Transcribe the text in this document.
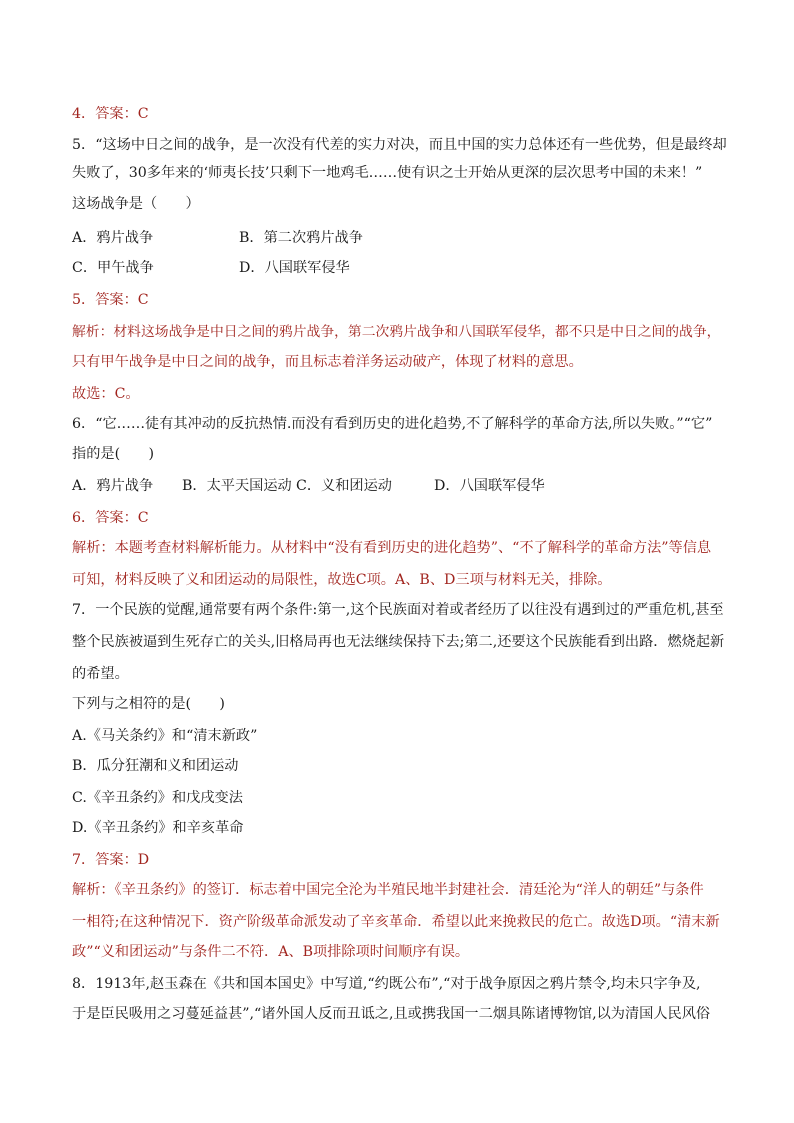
4．答案：C
5．“这场中日之间的战争，是一次没有代差的实力对决，而且中国的实力总体还有一些优势，但是最终却
失败了，30多年来的‘师夷长技’只剩下一地鸡毛……使有识之士开始从更深的层次思考中国的未来！”
这场战争是（　　）
A．鸦片战争	B．第二次鸦片战争
C．甲午战争	D．八国联军侵华
5．答案：C
解析：材料这场战争是中日之间的鸦片战争，第二次鸦片战争和八国联军侵华，都不只是中日之间的战争，
只有甲午战争是中日之间的战争，而且标志着洋务运动破产，体现了材料的意思。
故选：C。
6．“它……徒有其冲动的反抗热情.而没有看到历史的进化趋势,不了解科学的革命方法,所以失败。”“它”
指的是(　　)
A．鸦片战争 B．太平天国运动 C．义和团运动	D．八国联军侵华
6．答案：C
解析：本题考查材料解析能力。从材料中“没有看到历史的进化趋势”、“不了解科学的革命方法”等信息
可知，材料反映了义和团运动的局限性，故选C项。A、B、D三项与材料无关，排除。
7．一个民族的觉醒,通常要有两个条件:第一,这个民族面对着或者经历了以往没有遇到过的严重危机,甚至
整个民族被逼到生死存亡的关头,旧格局再也无法继续保持下去;第二,还要这个民族能看到出路．燃烧起新
的希望。
下列与之相符的是(　　)
A.《马关条约》和“清末新政”
B．瓜分狂潮和义和团运动
C.《辛丑条约》和戊戌变法
D.《辛丑条约》和辛亥革命
7．答案：D
解析：《辛丑条约》的签订．标志着中国完全沦为半殖民地半封建社会．清廷沦为“洋人的朝廷”与条件
一相符;在这种情况下．资产阶级革命派发动了辛亥革命．希望以此来挽救民的危亡。故选D项。“清末新
政”“义和团运动”与条件二不符．A、B项排除项时间顺序有误。
8．1913年,赵玉森在《共和国本国史》中写道,“约既公布”,“对于战争原因之鸦片禁令,均未只字争及,
于是臣民吸用之习蔓延益甚”,“诸外国人反而丑诋之,且或携我国一二烟具陈诸博物馆,以为清国人民风俗
